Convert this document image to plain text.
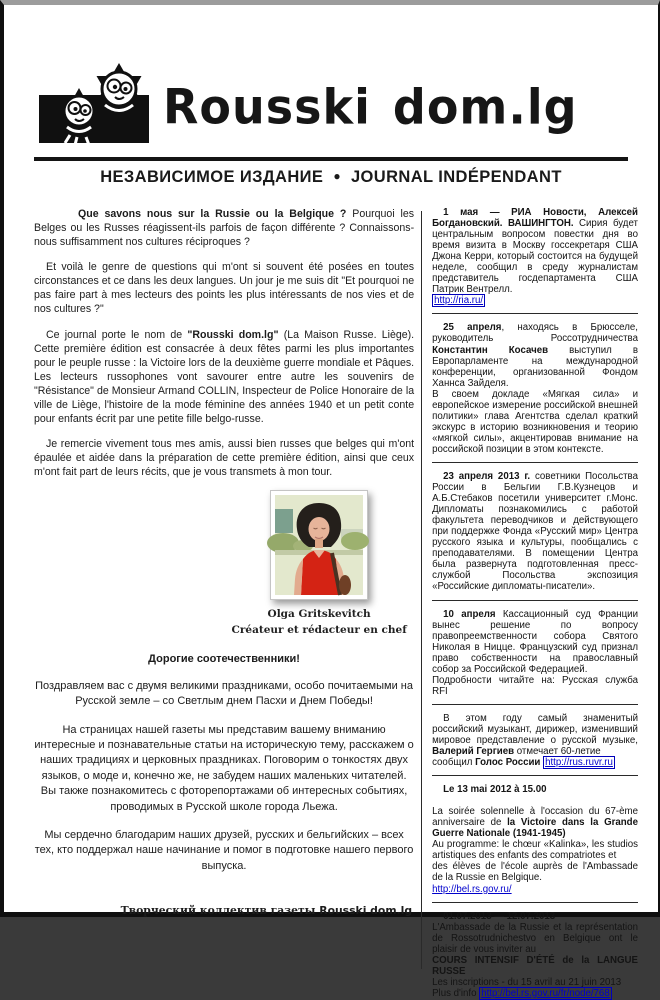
Rousski dom.lg
НЕЗАВИСИМОЕ ИЗДАНИЕ ● JOURNAL INDÉPENDANT

Que savons nous sur la Russie ou la Belgique ? Pourquoi les Belges ou les Russes réagissent-ils parfois de façon différente ? Connaissons-nous suffisamment nos cultures réciproques ?

Et voilà le genre de questions qui m'ont si souvent été posées en toutes circonstances et ce dans les deux langues. Un jour je me suis dit "Et pourquoi ne pas faire part à mes lecteurs des points les plus intéressants de nos vies et de nos cultures ?"

Ce journal porte le nom de "Rousski dom.lg" (La Maison Russe. Liège). Cette première édition est consacrée à deux fêtes parmi les plus importantes pour le peuple russe : la Victoire lors de la deuxième guerre mondiale et Pâques. Les lecteurs russophones vont savourer entre autre les souvenirs de "Résistance" de Monsieur Armand COLLIN, Inspecteur de Police Honoraire de la ville de Liège, l'histoire de la mode féminine des années 1940 et un petit conte pour enfants écrit par une petite fille belgo-russe.

Je remercie vivement tous mes amis, aussi bien russes que belges qui m'ont épaulée et aidée dans la préparation de cette première édition, ainsi que ceux m'ont fait part de leurs récits, que je vous transmets à mon tour.

Olga Gritskevitch
Créateur et rédacteur en chef
Дорогие соотечественники!

Поздравляем вас с двумя великими праздниками, особо почитаемыми на Русской земле – со Светлым днем Пасхи и Днем Победы!

На страницах нашей газеты мы представим вашему вниманию интересные и познавательные статьи на историческую тему, расскажем о наших традициях и церковных праздниках. Поговорим о тонкостях двух языков, о моде и, конечно же, не забудем наших маленьких читателей. Вы также познакомитесь с фоторепортажами об интересных событиях, проводимых в Русской школе города Льежа.

Мы сердечно благодарим наших друзей, русских и бельгийских – всех тех, кто поддержал наше начинание и помог в подготовке нашего первого выпуска.

Творческий коллектив газеты Rousski dom.lg
1 мая — РИА Новости, Алексей Богдановский. ВАШИНГТОН. Сирия будет центральным вопросом повестки дня во время визита в Москву госсекретаря США Джона Керри, который состоится на будущей неделе, сообщил в среду журналистам представитель госдепартамента США Патрик Вентрелл.
http://ria.ru/
25 апреля, находясь в Брюсселе, руководитель Россотрудничества Константин Косачев выступил в Европарламенте на международной конференции, организованной Фондом Ханнса Зайделя.
В своем докладе «Мягкая сила» и европейское измерение российской внешней политики» глава Агентства сделал краткий экскурс в историю возникновения и теорию «мягкой силы», акцентировав внимание на российской позиции в этом контексте.
23 апреля 2013 г. советники Посольства России в Бельгии Г.В.Кузнецов и А.Б.Стебаков посетили университет г.Монс. Дипломаты познакомились с работой факультета переводчиков и действующего при поддержке Фонда «Русский мир» Центра русского языка и культуры, пообщались с преподавателями. В помещении Центра была развернута подготовленная пресс-службой Посольства экспозиция «Российские дипломаты-писатели».
10 апреля Кассационный суд Франции вынес решение по вопросу правопреемственности собора Святого Николая в Ницце. Французский суд признал право собственности на православный собор за Российской Федерацией.
Подробности читайте на: Русская служба RFI
В этом году самый знаменитый российский музыкант, дирижер, изменивший мировое представление о русской музыке, Валерий Гергиев отмечает 60-летие
сообщил Голос России http://rus.ruvr.ru
Le 13 mai 2012 à 15.00

La soirée solennelle à l'occasion du 67-ème anniversaire de la Victoire dans la Grande Guerre Nationale (1941-1945)
Au programme: le chœur «Kalinka», les studios artistiques des enfants des compatriotes et
des élèves de l'école auprès de l'Ambassade de la Russie en Belgique.
http://bel.rs.gov.ru/
01.07.2013 — 12.07.2013
L'Ambassade de la Russie et la représentation de Rossotrudnichestvo en Belgique ont le plaisir de vous inviter au
COURS INTENSIF D'ÉTÉ de la LANGUE RUSSE
Les inscriptions - du 15 avril au 21 juin 2013
Plus d'info http://bel.rs.gov.ru/fr/node/768
